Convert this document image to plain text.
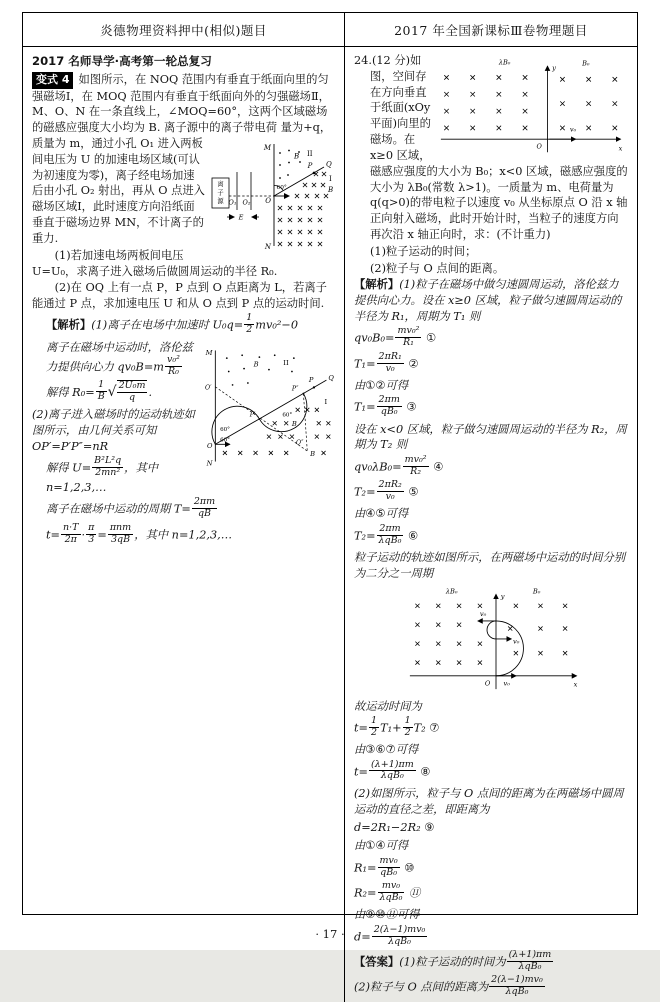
炎德物理资料押中(相似)题目	2017 年全国新课标Ⅲ卷物理题目
2017 名师导学·高考第一轮总复习
变式 4 如图所示，在 NOQ 范围内有垂直于纸面向里的匀强磁场Ⅰ，在 MOQ 范围内有垂直于纸面向外的匀强磁场Ⅱ，M、O、N 在一条直线上，∠MOQ=60°，这两个区域磁场的磁感应强度大小均为 B. 离子源中的离子带电荷
离
子
源 O₁ O₂
E
M
N
O
Q
P
60°
B II
I
B
量为+q，质量为 m，通过小孔 O₁ 进入两板间电压为 U 的加速电场区域(可认为初速度为零)，离子经电场加速后由小孔 O₂ 射出，再从 O 点进入磁场区域Ⅰ，此时速度方向沿纸面垂直于磁场边界 MN，不计离子的重力.
(1)若加速电场两板间电压 U=U₀，求离子进入磁场后做圆周运动的半径 R₀.
(2)在 OQ 上有一点 P，P 点到 O 点距离为 L，若离子能通过 P 点，求加速电压 U 和从 O 点到 P 点的运动时间.
【解析】(1)离子在电场中加速时 $U_0q= \frac{1}{2} mv_0^2-0$
M
N
O′
O
Q
P
P′
P″
O″
60°
60°
60°
B	II
I
B
B
离子在磁场中运动时，洛伦兹力提供向心力 $qv_0B=m \frac{\text{v₀²}}{\text{R₀}}$
解得 $R_0= \frac{1}{B}$ √ $\frac{\text{2U₀m}}{q}$ .
(2)离子进入磁场时的运动轨迹如图所示，由几何关系可知 OP′=P′P″=nR
解得 $U= \frac{\text{B²L²q}}{\text{2mn²}}$ ，其中 n=1,2,3,…
离子在磁场中运动的周期 $T= \frac{2\pi m}{qB}$
$t= \frac{n\cdot T}{2\pi} \cdot \frac{\pi}{3} = \frac{\text{πnm}}{3qB}$ ，其中 n=1,2,3,…
y
x
O
λB₀	B₀
v₀
24.(12 分)如图，空间存在方向垂直于纸面(xOy 平面)向里的磁场。在 x≥0 区域，磁感应强度的大小为 B₀；x<0 区域，磁感应强度的大小为 λB₀(常数 λ>1)。一质量为 m、电荷量为 q(q>0)的带电粒子以速度 v₀ 从坐标原点 O 沿 x 轴正向射入磁场，此时开始计时，当粒子的速度方向再次沿 x 轴正向时，求：(不计重力)
(1)粒子运动的时间；
(2)粒子与 O 点间的距离。
【解析】(1)粒子在磁场中做匀速圆周运动，洛伦兹力提供向心力。设在 x≥0 区域，粒子做匀速圆周运动的半径为 R₁，周期为 T₁ 则
$qv_0B_0= \frac{\text{mv₀²}}{\text{R₁}}$ ①
$T_1= \frac{\text{2πR₁}}{\text{v₀}}$ ②
由①②可得
$T_1= \frac{2\pi m}{\text{qB₀}}$ ③
设在 x<0 区域，粒子做匀速圆周运动的半径为 R₂，周期为 T₂ 则
$qv_0\lambda B_0= \frac{\text{mv₀²}}{\text{R₂}}$ ④
$T_2= \frac{\text{2πR₂}}{\text{v₀}}$ ⑤
由④⑤可得
$T_2= \frac{2\pi m}{\text{λqB₀}}$ ⑥
粒子运动的轨迹如图所示，在两磁场中运动的时间分别为二分之一周期
y
x
O
λB₀	B₀
v₀
v₀
v₀
故运动时间为
$t= \frac{1}{2} T_1+ \frac{1}{2} T_2$ ⑦
由③⑥⑦可得
$t= \frac{(\lambda+1)\pi m}{\text{λqB₀}}$ ⑧
(2)如图所示，粒子与 O 点间的距离为在两磁场中圆周运动的直径之差，即距离为
d=2R₁−2R₂ ⑨
由①④可得
$R_1= \frac{\text{mv₀}}{\text{qB₀}}$ ⑩
$R_2= \frac{\text{mv₀}}{\text{λqB₀}}$ ⑪
由⑨⑩⑪可得
$d= \frac{\text{2(λ−1)mv₀}}{\text{λqB₀}}$
【答案】(1)粒子运动的时间为 $\frac{(\lambda+1)\pi m}{\text{λqB₀}}$
(2)粒子与 O 点间的距离为 $\frac{\text{2(λ−1)mv₀}}{\text{λqB₀}}$
· 17 ·
